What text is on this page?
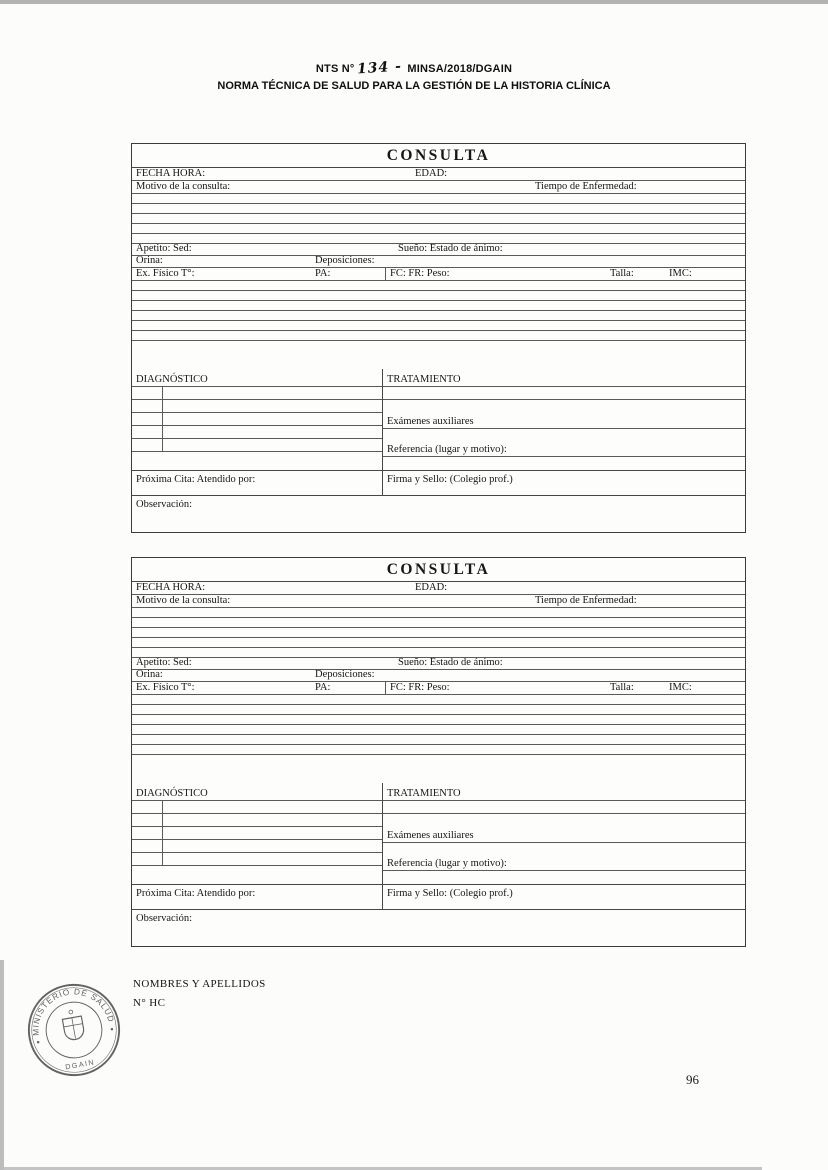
NTS N°134 - MINSA/2018/DGAIN
NORMA TÉCNICA DE SALUD PARA LA GESTIÓN DE LA HISTORIA CLÍNICA
CONSULTA
FECHA HORA:	EDAD:
Motivo de la consulta:	Tiempo de Enfermedad:
Apetito: Sed:	Sueño: Estado de ánimo:
Orina:	Deposiciones:
Ex. Físico T°:	PA:	FC: FR: Peso:	Talla:	IMC:
DIAGNÓSTICO	TRATAMIENTO
Exámenes auxiliares
Referencia (lugar y motivo):
Próxima Cita: Atendido por:	Firma y Sello: (Colegio prof.)
Observación:
CONSULTA
FECHA HORA:	EDAD:
Motivo de la consulta:	Tiempo de Enfermedad:
Apetito: Sed:	Sueño: Estado de ánimo:
Orina:	Deposiciones:
Ex. Físico T°:	PA:	FC: FR: Peso:	Talla:	IMC:
DIAGNÓSTICO	TRATAMIENTO
Exámenes auxiliares
Referencia (lugar y motivo):
Próxima Cita: Atendido por:	Firma y Sello: (Colegio prof.)
Observación:
NOMBRES Y APELLIDOS
N° HC
MINISTERIO DE SALUD
DGAIN
96
